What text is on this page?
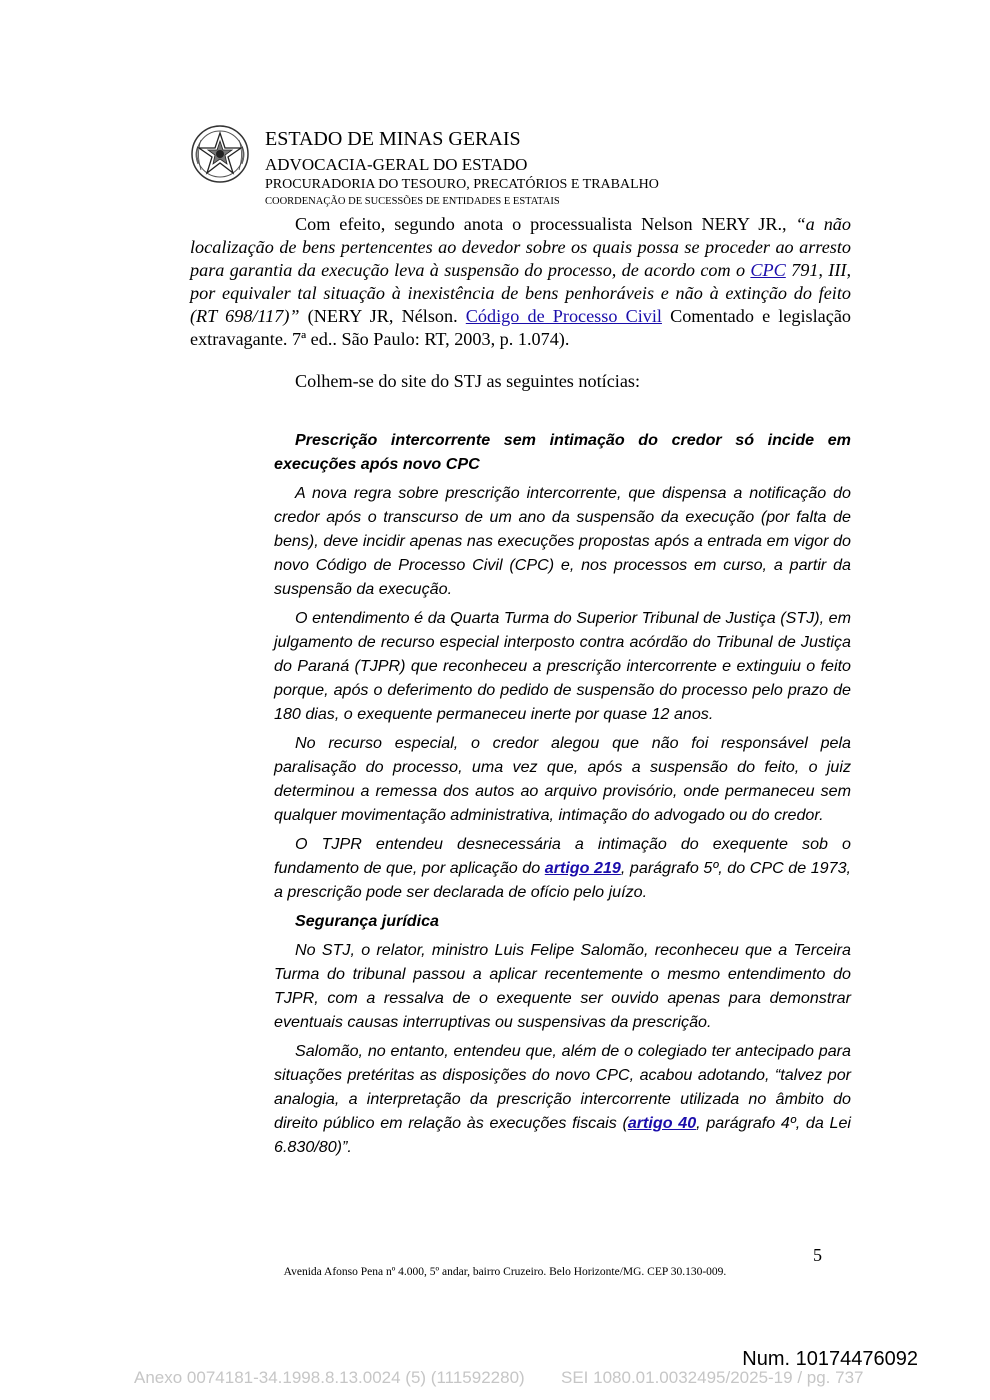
ESTADO DE MINAS GERAIS
ADVOCACIA-GERAL DO ESTADO
PROCURADORIA DO TESOURO, PRECATÓRIOS E TRABALHO
COORDENAÇÃO DE SUCESSÕES DE ENTIDADES E ESTATAIS
Com efeito, segundo anota o processualista Nelson NERY JR., “a não localização de bens pertencentes ao devedor sobre os quais possa se proceder ao arresto para garantia da execução leva à suspensão do processo, de acordo com o CPC 791, III, por equivaler tal situação à inexistência de bens penhoráveis e não à extinção do feito (RT 698/117)” (NERY JR, Nélson. Código de Processo Civil Comentado e legislação extravagante. 7ª ed.. São Paulo: RT, 2003, p. 1.074).
Colhem-se do site do STJ as seguintes notícias:

Prescrição intercorrente sem intimação do credor só incide em execuções após novo CPC

A nova regra sobre prescrição intercorrente, que dispensa a notificação do credor após o transcurso de um ano da suspensão da execução (por falta de bens), deve incidir apenas nas execuções propostas após a entrada em vigor do novo Código de Processo Civil (CPC) e, nos processos em curso, a partir da suspensão da execução.

O entendimento é da Quarta Turma do Superior Tribunal de Justiça (STJ), em julgamento de recurso especial interposto contra acórdão do Tribunal de Justiça do Paraná (TJPR) que reconheceu a prescrição intercorrente e extinguiu o feito porque, após o deferimento do pedido de suspensão do processo pelo prazo de 180 dias, o exequente permaneceu inerte por quase 12 anos.

No recurso especial, o credor alegou que não foi responsável pela paralisação do processo, uma vez que, após a suspensão do feito, o juiz determinou a remessa dos autos ao arquivo provisório, onde permaneceu sem qualquer movimentação administrativa, intimação do advogado ou do credor.

O TJPR entendeu desnecessária a intimação do exequente sob o fundamento de que, por aplicação do artigo 219, parágrafo 5º, do CPC de 1973, a prescrição pode ser declarada de ofício pelo juízo.

Segurança jurídica

No STJ, o relator, ministro Luis Felipe Salomão, reconheceu que a Terceira Turma do tribunal passou a aplicar recentemente o mesmo entendimento do TJPR, com a ressalva de o exequente ser ouvido apenas para demonstrar eventuais causas interruptivas ou suspensivas da prescrição.

Salomão, no entanto, entendeu que, além de o colegiado ter antecipado para situações pretéritas as disposições do novo CPC, acabou adotando, “talvez por analogia, a interpretação da prescrição intercorrente utilizada no âmbito do direito público em relação às execuções fiscais (artigo 40, parágrafo 4º, da Lei 6.830/80)”.

5
Avenida Afonso Pena nº 4.000, 5º andar, bairro Cruzeiro. Belo Horizonte/MG. CEP 30.130-009.
Num. 10174476092
Anexo 0074181-34.1998.8.13.0024 (5) (111592280) SEI 1080.01.0032495/2025-19 / pg. 737
